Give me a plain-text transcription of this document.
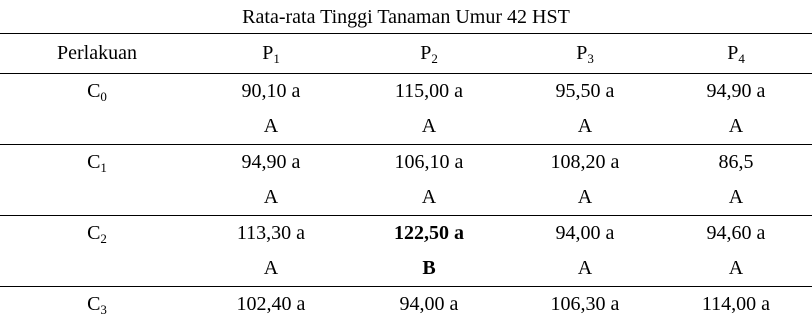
Rata-rata Tinggi Tanaman Umur 42 HST
Perlakuan	$P_1$	$P_2$	$P_3$	$P_4$
$C_0$	90,10 a	115,00 a	95,50 a	94,90 a
	A	A	A	A
$C_1$	94,90 a	106,10 a	108,20 a	86,5
	A	A	A	A
$C_2$	113,30 a	122,50 a	94,00 a	94,60 a
	A	B	A	A
$C_3$	102,40 a	94,00 a	106,30 a	114,00 a
